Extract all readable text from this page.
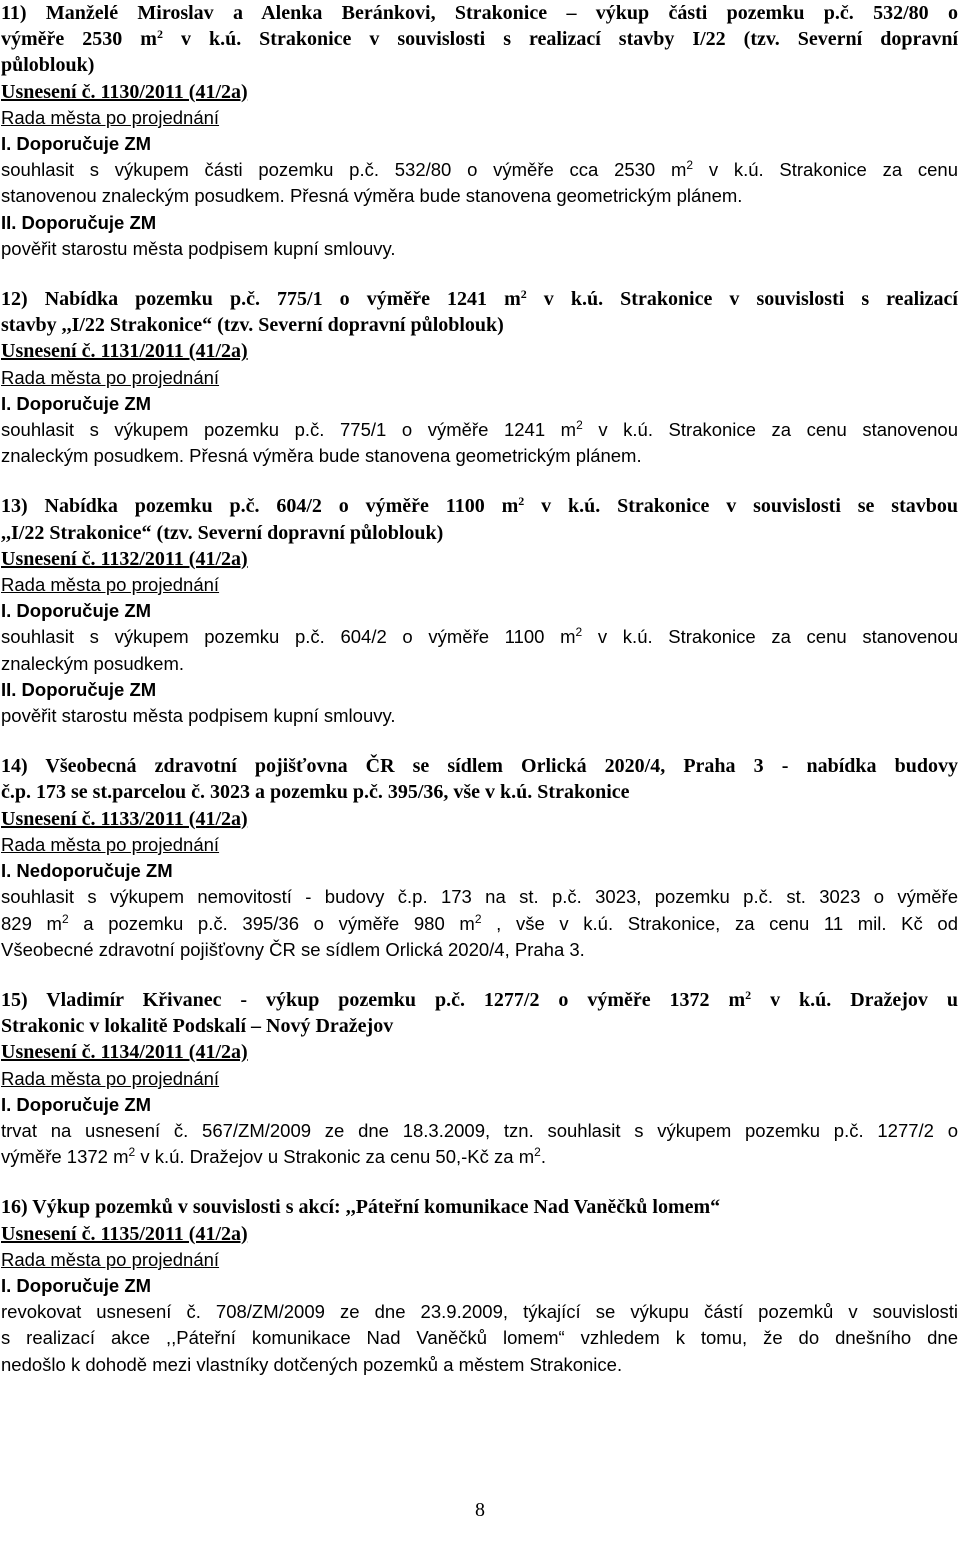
11) Manželé Miroslav a Alenka Beránkovi, Strakonice – výkup části pozemku p.č. 532/80 o
výměře 2530 $m^2$ v k.ú. Strakonice v souvislosti s realizací stavby I/22 (tzv. Severní dopravní
půloblouk)
Usnesení č. 1130/2011 (41/2a)
Rada města po projednání
I. Doporučuje ZM
souhlasit s výkupem části pozemku p.č. 532/80 o výměře cca 2530 $m^2$ v k.ú. Strakonice za cenu
stanovenou znaleckým posudkem. Přesná výměra bude stanovena geometrickým plánem.
II. Doporučuje ZM
pověřit starostu města podpisem kupní smlouvy.
12) Nabídka pozemku p.č. 775/1 o výměře 1241 $m^2$ v k.ú. Strakonice v souvislosti s realizací
stavby ,,I/22 Strakonice“ (tzv. Severní dopravní půloblouk)
Usnesení č. 1131/2011 (41/2a)
Rada města po projednání
I. Doporučuje ZM
souhlasit s výkupem pozemku p.č. 775/1 o výměře 1241 $m^2$ v k.ú. Strakonice za cenu stanovenou
znaleckým posudkem. Přesná výměra bude stanovena geometrickým plánem.
13) Nabídka pozemku p.č. 604/2 o výměře 1100 $m^2$ v k.ú. Strakonice v souvislosti se stavbou
,,I/22 Strakonice“ (tzv. Severní dopravní půloblouk)
Usnesení č. 1132/2011 (41/2a)
Rada města po projednání
I. Doporučuje ZM
souhlasit s výkupem pozemku p.č. 604/2 o výměře 1100 $m^2$ v k.ú. Strakonice za cenu stanovenou
znaleckým posudkem.
II. Doporučuje ZM
pověřit starostu města podpisem kupní smlouvy.
14) Všeobecná zdravotní pojišťovna ČR se sídlem Orlická 2020/4, Praha 3 - nabídka budovy
č.p. 173 se st.parcelou č. 3023 a pozemku p.č. 395/36, vše v k.ú. Strakonice
Usnesení č. 1133/2011 (41/2a)
Rada města po projednání
I. Nedoporučuje ZM
souhlasit s výkupem nemovitostí - budovy č.p. 173 na st. p.č. 3023, pozemku p.č. st. 3023 o výměře
829 $m^2$ a pozemku p.č. 395/36 o výměře 980 $m^2$ , vše v k.ú. Strakonice, za cenu 11 mil. Kč od
Všeobecné zdravotní pojišťovny ČR se sídlem Orlická 2020/4, Praha 3.
15) Vladimír Křivanec - výkup pozemku p.č. 1277/2 o výměře 1372 $m^2$ v k.ú. Dražejov u
Strakonic v lokalitě Podskalí – Nový Dražejov
Usnesení č. 1134/2011 (41/2a)
Rada města po projednání
I. Doporučuje ZM
trvat na usnesení č. 567/ZM/2009 ze dne 18.3.2009, tzn. souhlasit s výkupem pozemku p.č. 1277/2 o
výměře 1372 $m^2$ v k.ú. Dražejov u Strakonic za cenu 50,-Kč za $m^2$.
16) Výkup pozemků v souvislosti s akcí: ,,Páteřní komunikace Nad Vaněčků lomem“
Usnesení č. 1135/2011 (41/2a)
Rada města po projednání
I. Doporučuje ZM
revokovat usnesení č. 708/ZM/2009 ze dne 23.9.2009, týkající se výkupu částí pozemků v souvislosti
s realizací akce ,,Páteřní komunikace Nad Vaněčků lomem“ vzhledem k tomu, že do dnešního dne
nedošlo k dohodě mezi vlastníky dotčených pozemků a městem Strakonice.
8
